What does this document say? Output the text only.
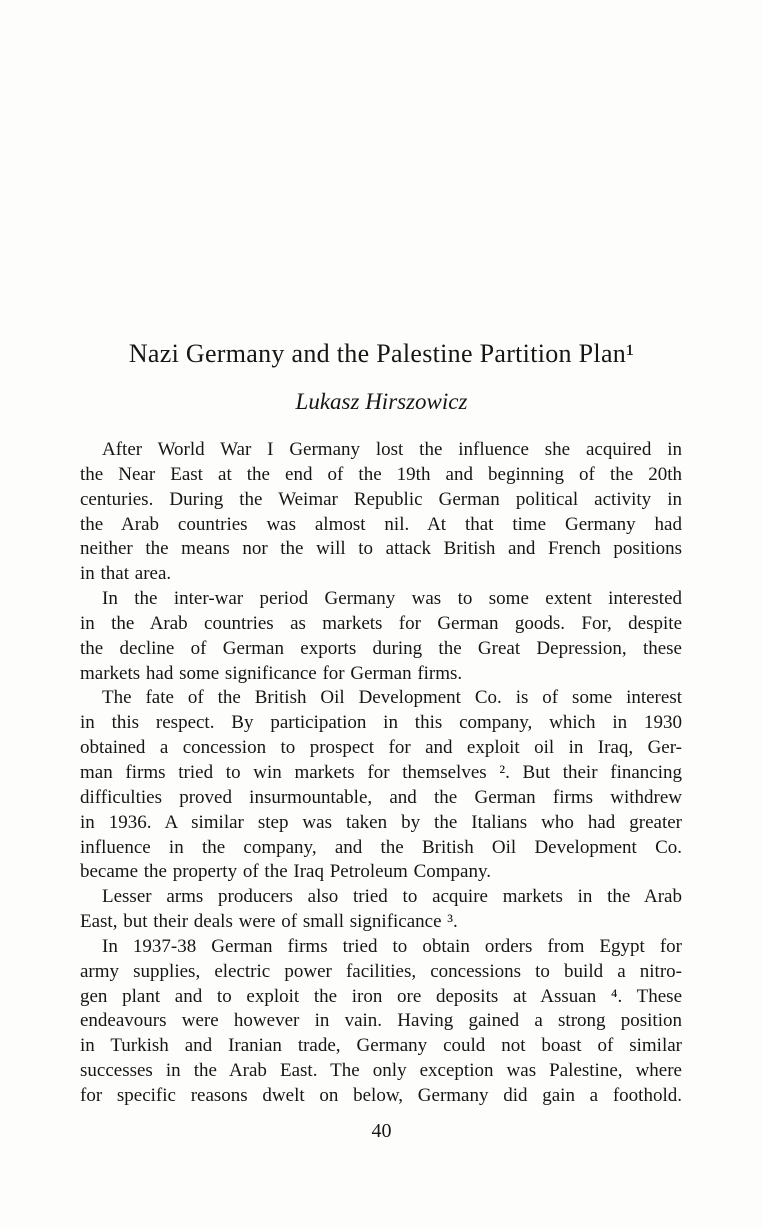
Nazi Germany and the Palestine Partition Plan¹
Lukasz Hirszowicz
After World War I Germany lost the influence she acquired in
the Near East at the end of the 19th and beginning of the 20th
centuries. During the Weimar Republic German political activity in
the Arab countries was almost nil. At that time Germany had
neither the means nor the will to attack British and French positions
in that area.
In the inter-war period Germany was to some extent interested
in the Arab countries as markets for German goods. For, despite
the decline of German exports during the Great Depression, these
markets had some significance for German firms.
The fate of the British Oil Development Co. is of some interest
in this respect. By participation in this company, which in 1930
obtained a concession to prospect for and exploit oil in Iraq, Ger-
man firms tried to win markets for themselves ². But their financing
difficulties proved insurmountable, and the German firms withdrew
in 1936. A similar step was taken by the Italians who had greater
influence in the company, and the British Oil Development Co.
became the property of the Iraq Petroleum Company.
Lesser arms producers also tried to acquire markets in the Arab
East, but their deals were of small significance ³.
In 1937-38 German firms tried to obtain orders from Egypt for
army supplies, electric power facilities, concessions to build a nitro-
gen plant and to exploit the iron ore deposits at Assuan ⁴. These
endeavours were however in vain. Having gained a strong position
in Turkish and Iranian trade, Germany could not boast of similar
successes in the Arab East. The only exception was Palestine, where
for specific reasons dwelt on below, Germany did gain a foothold.
40
